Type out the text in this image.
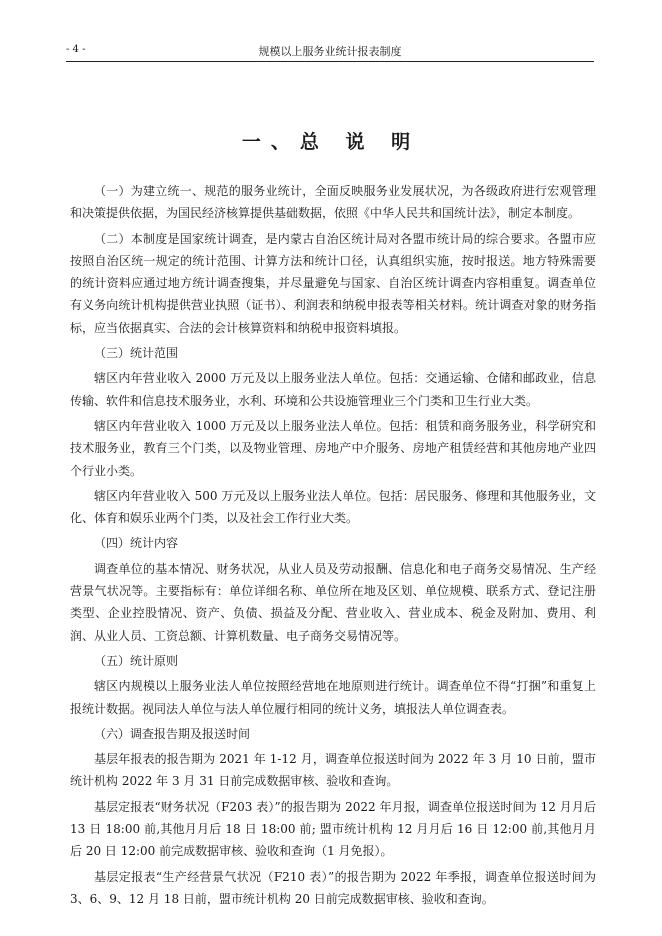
- 4 -	规模以上服务业统计报表制度
一、总 说 明

（一）为建立统一、规范的服务业统计，全面反映服务业发展状况，为各级政府进行宏观管理和决策提供依据，为国民经济核算提供基础数据，依照《中华人民共和国统计法》，制定本制度。

（二）本制度是国家统计调查，是内蒙古自治区统计局对各盟市统计局的综合要求。各盟市应按照自治区统一规定的统计范围、计算方法和统计口径，认真组织实施，按时报送。地方特殊需要的统计资料应通过地方统计调查搜集，并尽量避免与国家、自治区统计调查内容相重复。调查单位有义务向统计机构提供营业执照（证书）、利润表和纳税申报表等相关材料。统计调查对象的财务指标，应当依据真实、合法的会计核算资料和纳税申报资料填报。

（三）统计范围

辖区内年营业收入 2000 万元及以上服务业法人单位。包括：交通运输、仓储和邮政业，信息传输、软件和信息技术服务业，水利、环境和公共设施管理业三个门类和卫生行业大类。

辖区内年营业收入 1000 万元及以上服务业法人单位。包括：租赁和商务服务业，科学研究和技术服务业，教育三个门类，以及物业管理、房地产中介服务、房地产租赁经营和其他房地产业四个行业小类。

辖区内年营业收入 500 万元及以上服务业法人单位。包括：居民服务、修理和其他服务业，文化、体育和娱乐业两个门类，以及社会工作行业大类。

（四）统计内容

调查单位的基本情况、财务状况，从业人员及劳动报酬、信息化和电子商务交易情况、生产经营景气状况等。主要指标有：单位详细名称、单位所在地及区划、单位规模、联系方式、登记注册类型、企业控股情况、资产、负债、损益及分配、营业收入、营业成本、税金及附加、费用、利润、从业人员、工资总额、计算机数量、电子商务交易情况等。

（五）统计原则

辖区内规模以上服务业法人单位按照经营地在地原则进行统计。调查单位不得“打捆”和重复上报统计数据。视同法人单位与法人单位履行相同的统计义务，填报法人单位调查表。

（六）调查报告期及报送时间

基层年报表的报告期为 2021 年 1-12 月，调查单位报送时间为 2022 年 3 月 10 日前，盟市统计机构 2022 年 3 月 31 日前完成数据审核、验收和查询。

基层定报表“财务状况（F203 表）”的报告期为 2022 年月报，调查单位报送时间为 12 月月后 13 日 18:00 前,其他月月后 18 日 18:00 前; 盟市统计机构 12 月月后 16 日 12:00 前,其他月月后 20 日 12:00 前完成数据审核、验收和查询（1 月免报）。

基层定报表“生产经营景气状况（F210 表）”的报告期为 2022 年季报，调查单位报送时间为 3、6、9、12 月 18 日前，盟市统计机构 20 日前完成数据审核、验收和查询。
